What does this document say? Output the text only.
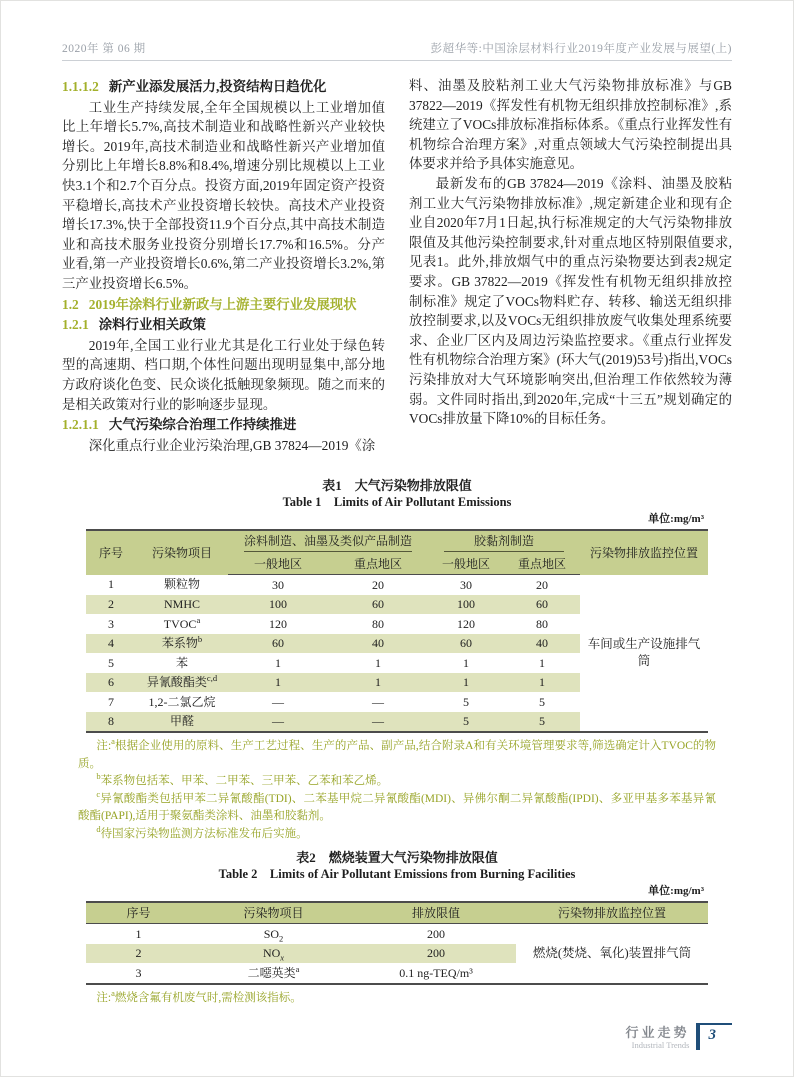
2020年 第 06 期	彭超华等:中国涂层材料行业2019年度产业发展与展望(上)

1.1.1.2 新产业添发展活力,投资结构日趋优化

工业生产持续发展,全年全国规模以上工业增加值比上年增长5.7%,高技术制造业和战略性新兴产业较快增长。2019年,高技术制造业和战略性新兴产业增加值分别比上年增长8.8%和8.4%,增速分别比规模以上工业快3.1个和2.7个百分点。投资方面,2019年固定资产投资平稳增长,高技术产业投资增长较快。高技术产业投资增长17.3%,快于全部投资11.9个百分点,其中高技术制造业和高技术服务业投资分别增长17.7%和16.5%。分产业看,第一产业投资增长0.6%,第二产业投资增长3.2%,第三产业投资增长6.5%。

1.2 2019年涂料行业新政与上游主要行业发展现状

1.2.1 涂料行业相关政策

2019年,全国工业行业尤其是化工行业处于绿色转型的高速期、档口期,个体性问题出现明显集中,部分地方政府谈化色变、民众谈化抵触现象频现。随之而来的是相关政策对行业的影响逐步显现。

1.2.1.1 大气污染综合治理工作持续推进

深化重点行业企业污染治理,GB 37824—2019《涂

料、油墨及胶粘剂工业大气污染物排放标准》与GB 37822—2019《挥发性有机物无组织排放控制标准》,系统建立了VOCs排放标准指标体系。《重点行业挥发性有机物综合治理方案》,对重点领域大气污染控制提出具体要求并给予具体实施意见。

最新发布的GB 37824—2019《涂料、油墨及胶粘剂工业大气污染物排放标准》,规定新建企业和现有企业自2020年7月1日起,执行标准规定的大气污染物排放限值及其他污染控制要求,针对重点地区特别限值要求,见表1。此外,排放烟气中的重点污染物要达到表2规定要求。GB 37822—2019《挥发性有机物无组织排放控制标准》规定了VOCs物料贮存、转移、输送无组织排放控制要求,以及VOCs无组织排放废气收集处理系统要求、企业厂区内及周边污染监控要求。《重点行业挥发性有机物综合治理方案》(环大气(2019)53号)指出,VOCs污染排放对大气环境影响突出,但治理工作依然较为薄弱。文件同时指出,到2020年,完成“十三五”规划确定的VOCs排放量下降10%的目标任务。

表1　大气污染物排放限值

Table 1　Limits of Air Pollutant Emissions

单位:mg/m³

序号	污染物项目	涂料制造、油墨及类似产品制造		胶黏剂制造		污染物排放监控位置
		一般地区	重点地区	一般地区	重点地区	
1	颗粒物	30	20	30	20	车间或生产设施排气筒
2	NMHC	100	60	100	60	
3	TVOC$^a$	120	80	120	80	
4	苯系物$^b$	60	40	60	40	
5	苯	1	1	1	1	
6	异氰酸酯类$^{c,d}$	1	1	1	1	
7	1,2-二氯乙烷	—	—	5	5	
8	甲醛	—	—	5	5	

注:$^a$根据企业使用的原料、生产工艺过程、生产的产品、副产品,结合附录A和有关环境管理要求等,筛选确定计入TVOC的物质。

$^b$苯系物包括苯、甲苯、二甲苯、三甲苯、乙苯和苯乙烯。

$^c$异氰酸酯类包括甲苯二异氰酸酯(TDI)、二苯基甲烷二异氰酸酯(MDI)、异佛尔酮二异氰酸酯(IPDI)、多亚甲基多苯基异氰酸酯(PAPI),适用于聚氨酯类涂料、油墨和胶黏剂。

$^d$待国家污染物监测方法标准发布后实施。

表2　燃烧装置大气污染物排放限值

Table 2　Limits of Air Pollutant Emissions from Burning Facilities

单位:mg/m³

序号	污染物项目	排放限值	污染物排放监控位置
1	$SO_2$	200	燃烧(焚烧、氧化)装置排气筒
2	$NO_x$	200	
3	二噁英类$^a$	0.1 ng-TEQ/m³	

注:$^a$燃烧含氟有机废气时,需检测该指标。

行业走势
Industrial Trends
3
